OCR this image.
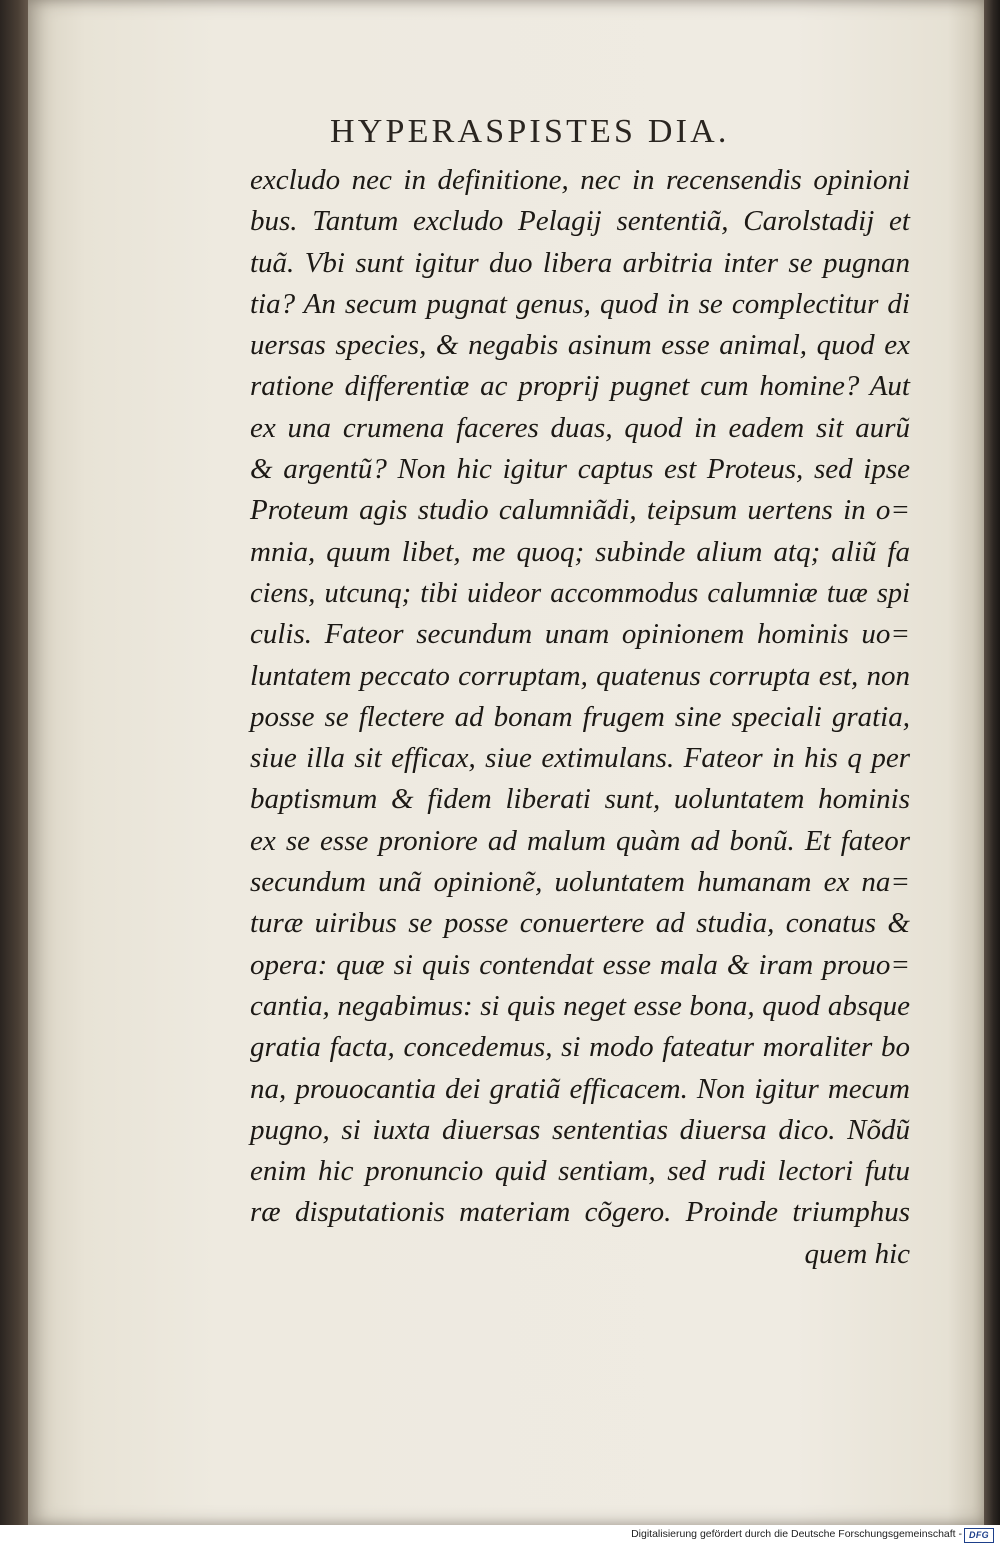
HYPERASPISTES DIA.
excludo nec in definitione, nec in recensendis opinioni
bus. Tantum excludo Pelagij sententiã, Carolstadij et
tuã. Vbi sunt igitur duo libera arbitria inter se pugnan
tia? An secum pugnat genus, quod in se complectitur di
uersas species, & negabis asinum esse animal, quod ex
ratione differentiæ ac proprij pugnet cum homine? Aut
ex una crumena faceres duas, quod in eadem sit aurũ
& argentũ? Non hic igitur captus est Proteus, sed ipse
Proteum agis studio calumniãdi, teipsum uertens in o=
mnia, quum libet, me quoq; subinde alium atq; aliũ fa
ciens, utcunq; tibi uideor accommodus calumniæ tuæ spi
culis. Fateor secundum unam opinionem hominis uo=
luntatem peccato corruptam, quatenus corrupta est, non
posse se flectere ad bonam frugem sine speciali gratia,
siue illa sit efficax, siue extimulans. Fateor in his q per
baptismum & fidem liberati sunt, uoluntatem hominis
ex se esse proniore ad malum quàm ad bonũ. Et fateor
secundum unã opinionẽ, uoluntatem humanam ex na=
turæ uiribus se posse conuertere ad studia, conatus &
opera: quæ si quis contendat esse mala & iram prouo=
cantia, negabimus: si quis neget esse bona, quod absque
gratia facta, concedemus, si modo fateatur moraliter bo
na, prouocantia dei gratiã efficacem. Non igitur mecum
pugno, si iuxta diuersas sententias diuersa dico. Nõdũ
enim hic pronuncio quid sentiam, sed rudi lectori futu
ræ disputationis materiam cõgero. Proinde triumphus
quem hic
Digitalisierung gefördert durch die Deutsche Forschungsgemeinschaft - DFG
